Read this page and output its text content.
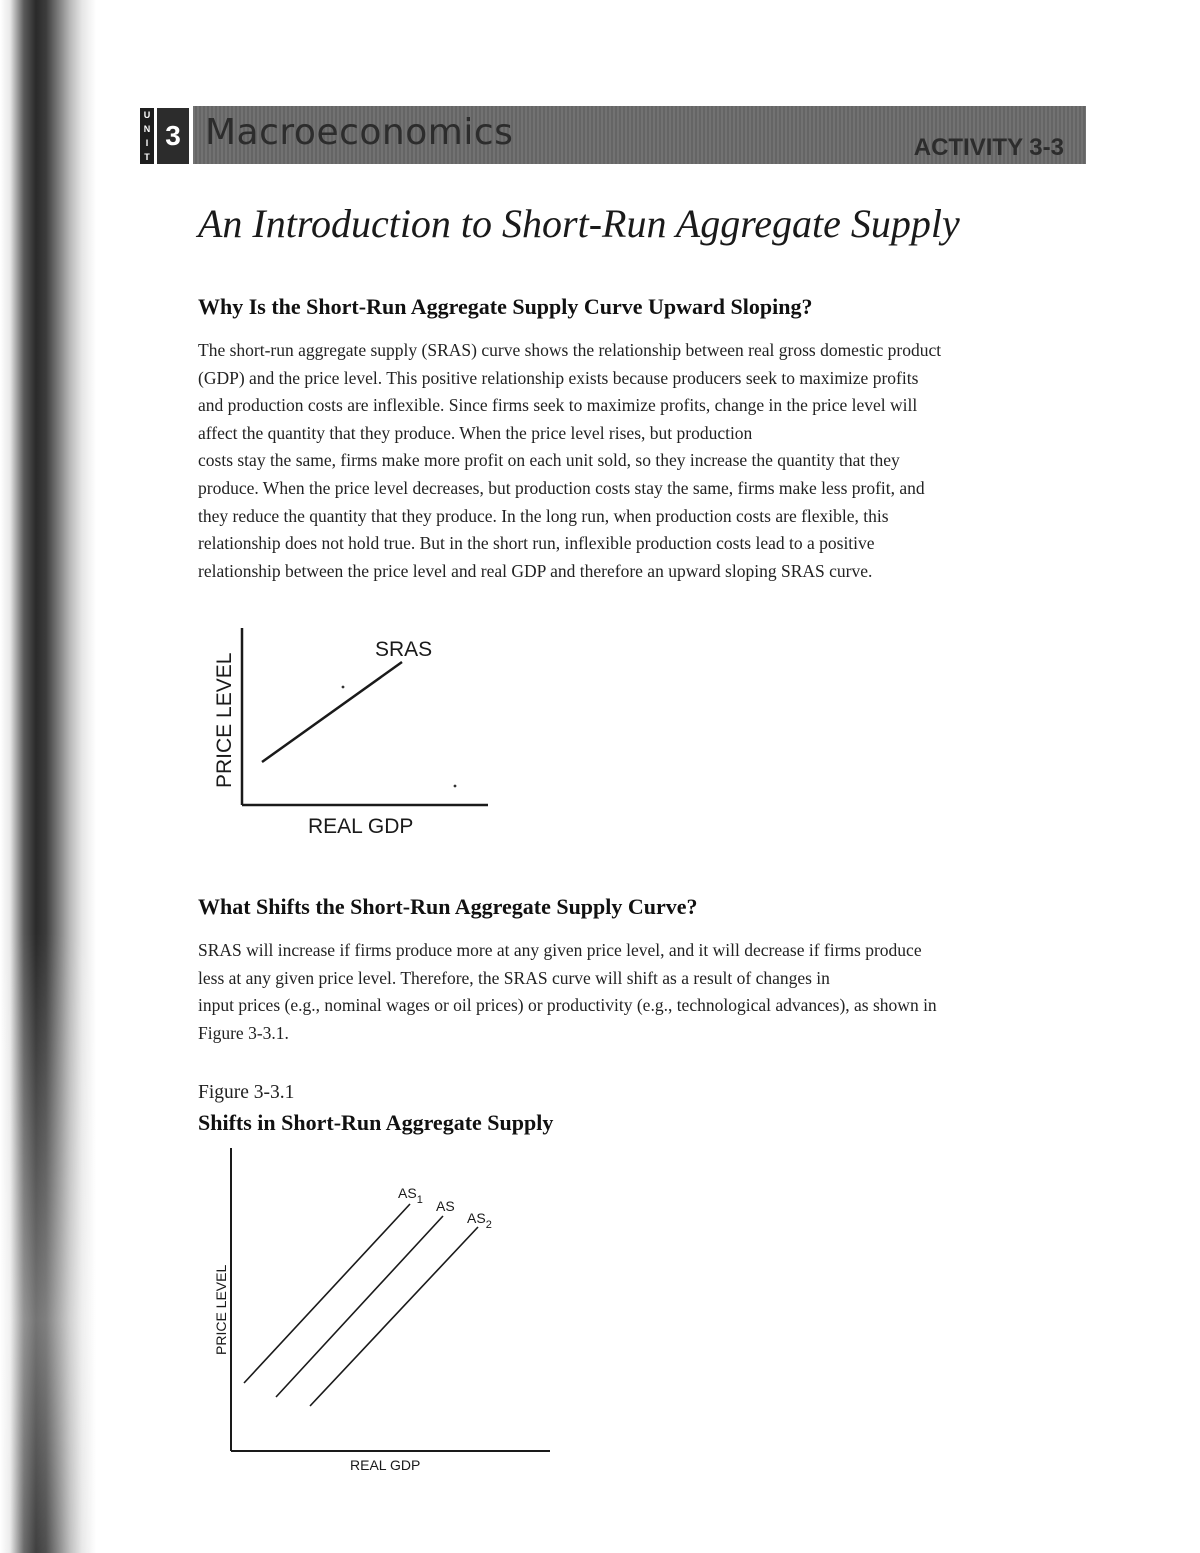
U
N
I
T
3 Macroeconomics	ACTIVITY 3-3
An Introduction to Short-Run Aggregate Supply
Why Is the Short-Run Aggregate Supply Curve Upward Sloping?
The short-run aggregate supply (SRAS) curve shows the relationship between real gross domestic product
(GDP) and the price level. This positive relationship exists because producers seek to maximize profits
and production costs are inflexible. Since firms seek to maximize profits, change in the price level will
affect the quantity that they produce. When the price level rises, but production
costs stay the same, firms make more profit on each unit sold, so they increase the quantity that they
produce. When the price level decreases, but production costs stay the same, firms make less profit, and
they reduce the quantity that they produce. In the long run, when production costs are flexible, this
relationship does not hold true. But in the short run, inflexible production costs lead to a positive
relationship between the price level and real GDP and therefore an upward sloping SRAS curve.
SRAS
REAL GDP
PRICE LEVEL
What Shifts the Short-Run Aggregate Supply Curve?
SRAS will increase if firms produce more at any given price level, and it will decrease if firms produce
less at any given price level. Therefore, the SRAS curve will shift as a result of changes in
input prices (e.g., nominal wages or oil prices) or productivity (e.g., technological advances), as shown in
Figure 3-3.1.
Figure 3-3.1
Shifts in Short-Run Aggregate Supply
$AS_1$ AS
$AS_2$
REAL GDP
PRICE LEVEL
